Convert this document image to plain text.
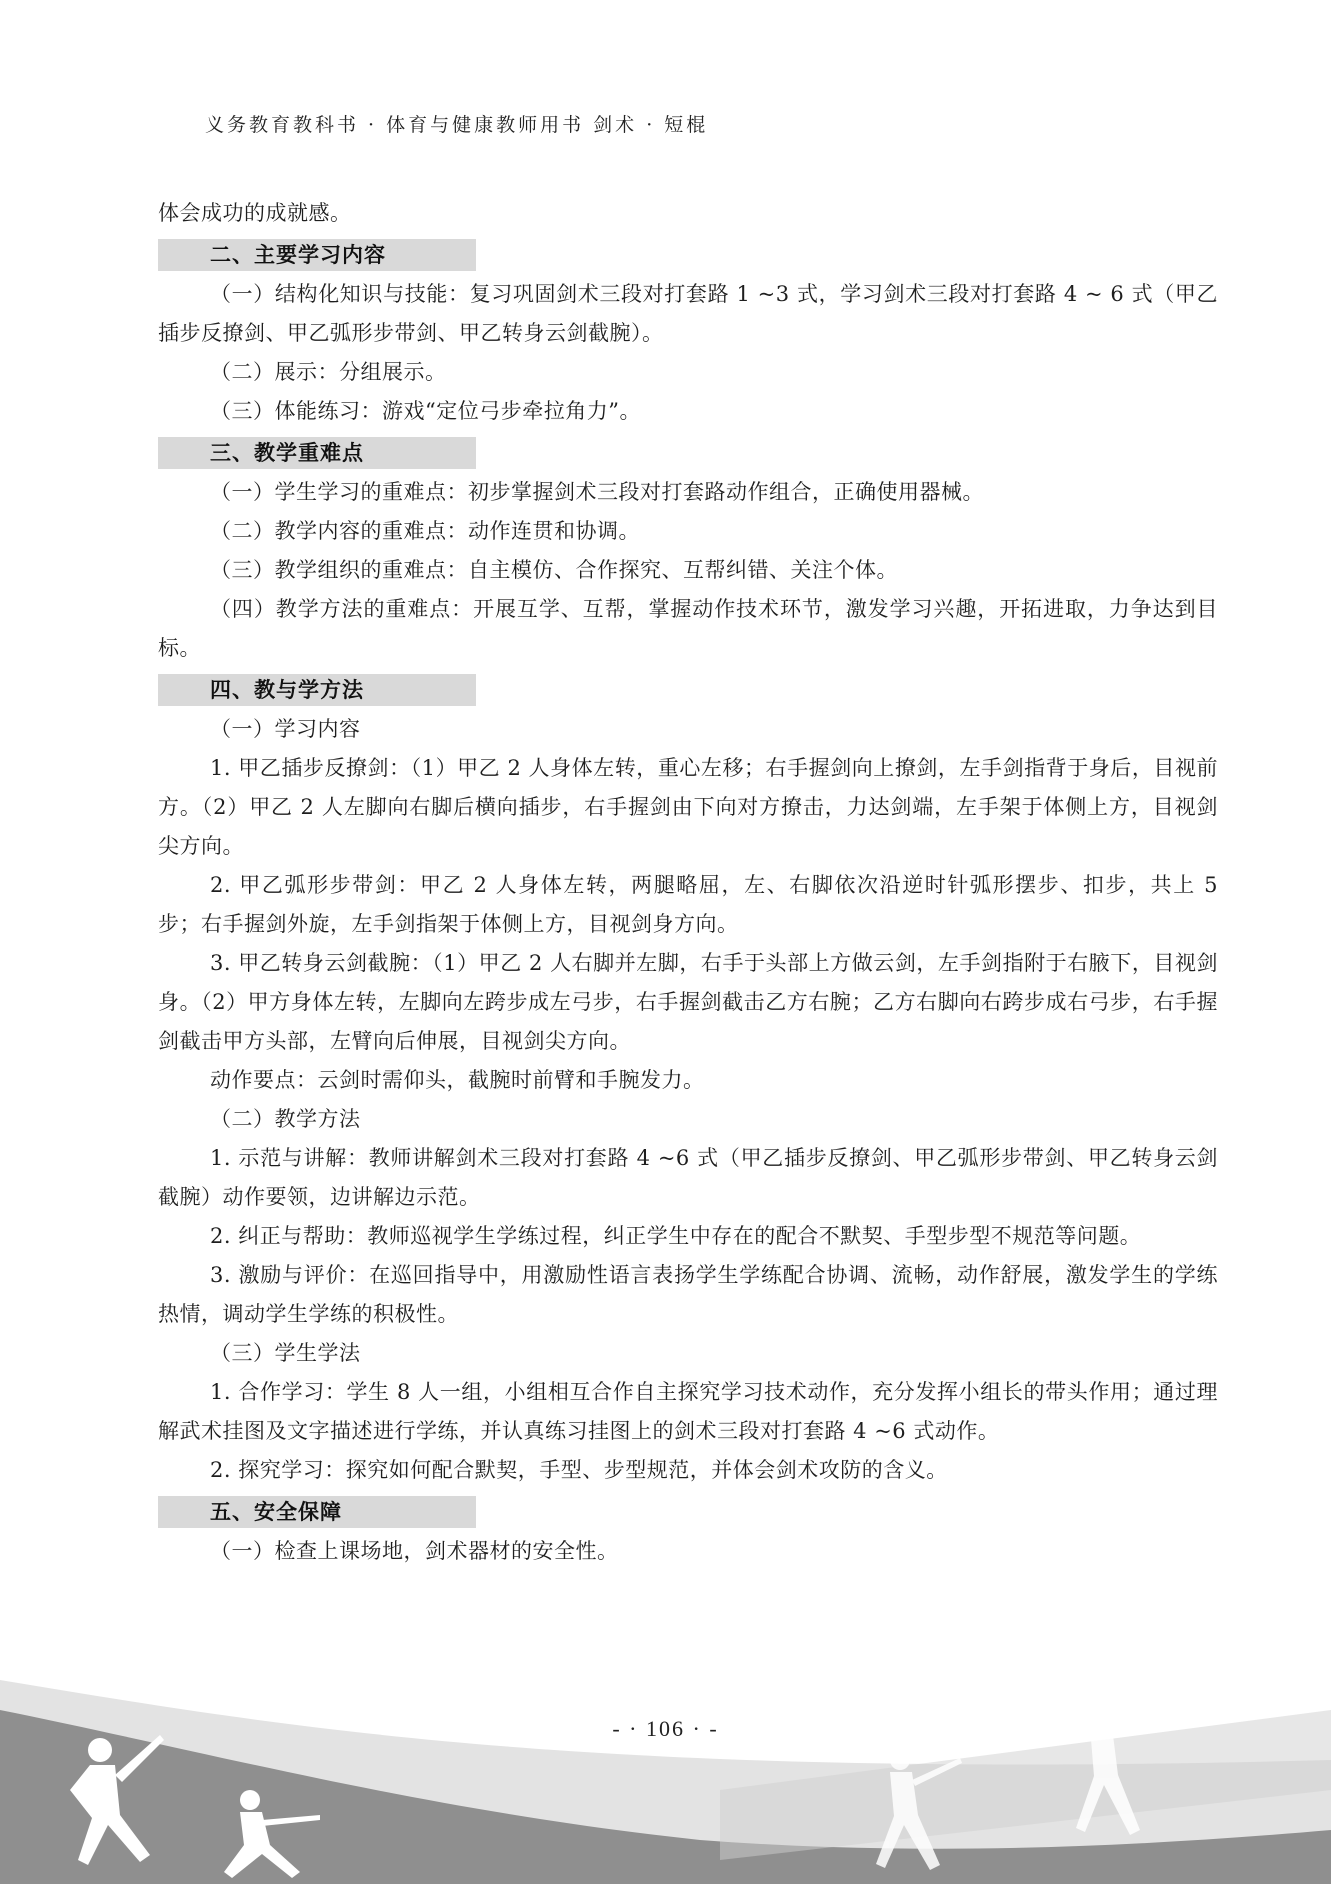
义务教育教科书 · 体育与健康教师用书 剑术 · 短棍

体会成功的成就感。

二、主要学习内容

（一）结构化知识与技能：复习巩固剑术三段对打套路 1 ~3 式，学习剑术三段对打套路 4 ~ 6 式（甲乙插步反撩剑、甲乙弧形步带剑、甲乙转身云剑截腕）。

（二）展示：分组展示。

（三）体能练习：游戏“定位弓步牵拉角力”。

三、教学重难点

（一）学生学习的重难点：初步掌握剑术三段对打套路动作组合，正确使用器械。

（二）教学内容的重难点：动作连贯和协调。

（三）教学组织的重难点：自主模仿、合作探究、互帮纠错、关注个体。

（四）教学方法的重难点：开展互学、互帮，掌握动作技术环节，激发学习兴趣，开拓进取，力争达到目标。

四、教与学方法

（一）学习内容

1. 甲乙插步反撩剑：（1）甲乙 2 人身体左转，重心左移；右手握剑向上撩剑，左手剑指背于身后，目视前方。（2）甲乙 2 人左脚向右脚后横向插步，右手握剑由下向对方撩击，力达剑端，左手架于体侧上方，目视剑尖方向。

2. 甲乙弧形步带剑：甲乙 2 人身体左转，两腿略屈，左、右脚依次沿逆时针弧形摆步、扣步，共上 5 步；右手握剑外旋，左手剑指架于体侧上方，目视剑身方向。

3. 甲乙转身云剑截腕：（1）甲乙 2 人右脚并左脚，右手于头部上方做云剑，左手剑指附于右腋下，目视剑身。（2）甲方身体左转，左脚向左跨步成左弓步，右手握剑截击乙方右腕；乙方右脚向右跨步成右弓步，右手握剑截击甲方头部，左臂向后伸展，目视剑尖方向。

动作要点：云剑时需仰头，截腕时前臂和手腕发力。

（二）教学方法

1. 示范与讲解：教师讲解剑术三段对打套路 4 ~6 式（甲乙插步反撩剑、甲乙弧形步带剑、甲乙转身云剑截腕）动作要领，边讲解边示范。

2. 纠正与帮助：教师巡视学生学练过程，纠正学生中存在的配合不默契、手型步型不规范等问题。

3. 激励与评价：在巡回指导中，用激励性语言表扬学生学练配合协调、流畅，动作舒展，激发学生的学练热情，调动学生学练的积极性。

（三）学生学法

1. 合作学习：学生 8 人一组，小组相互合作自主探究学习技术动作，充分发挥小组长的带头作用；通过理解武术挂图及文字描述进行学练，并认真练习挂图上的剑术三段对打套路 4 ~6 式动作。

2. 探究学习：探究如何配合默契，手型、步型规范，并体会剑术攻防的含义。

五、安全保障

（一）检查上课场地，剑术器材的安全性。

- · 106 · -
